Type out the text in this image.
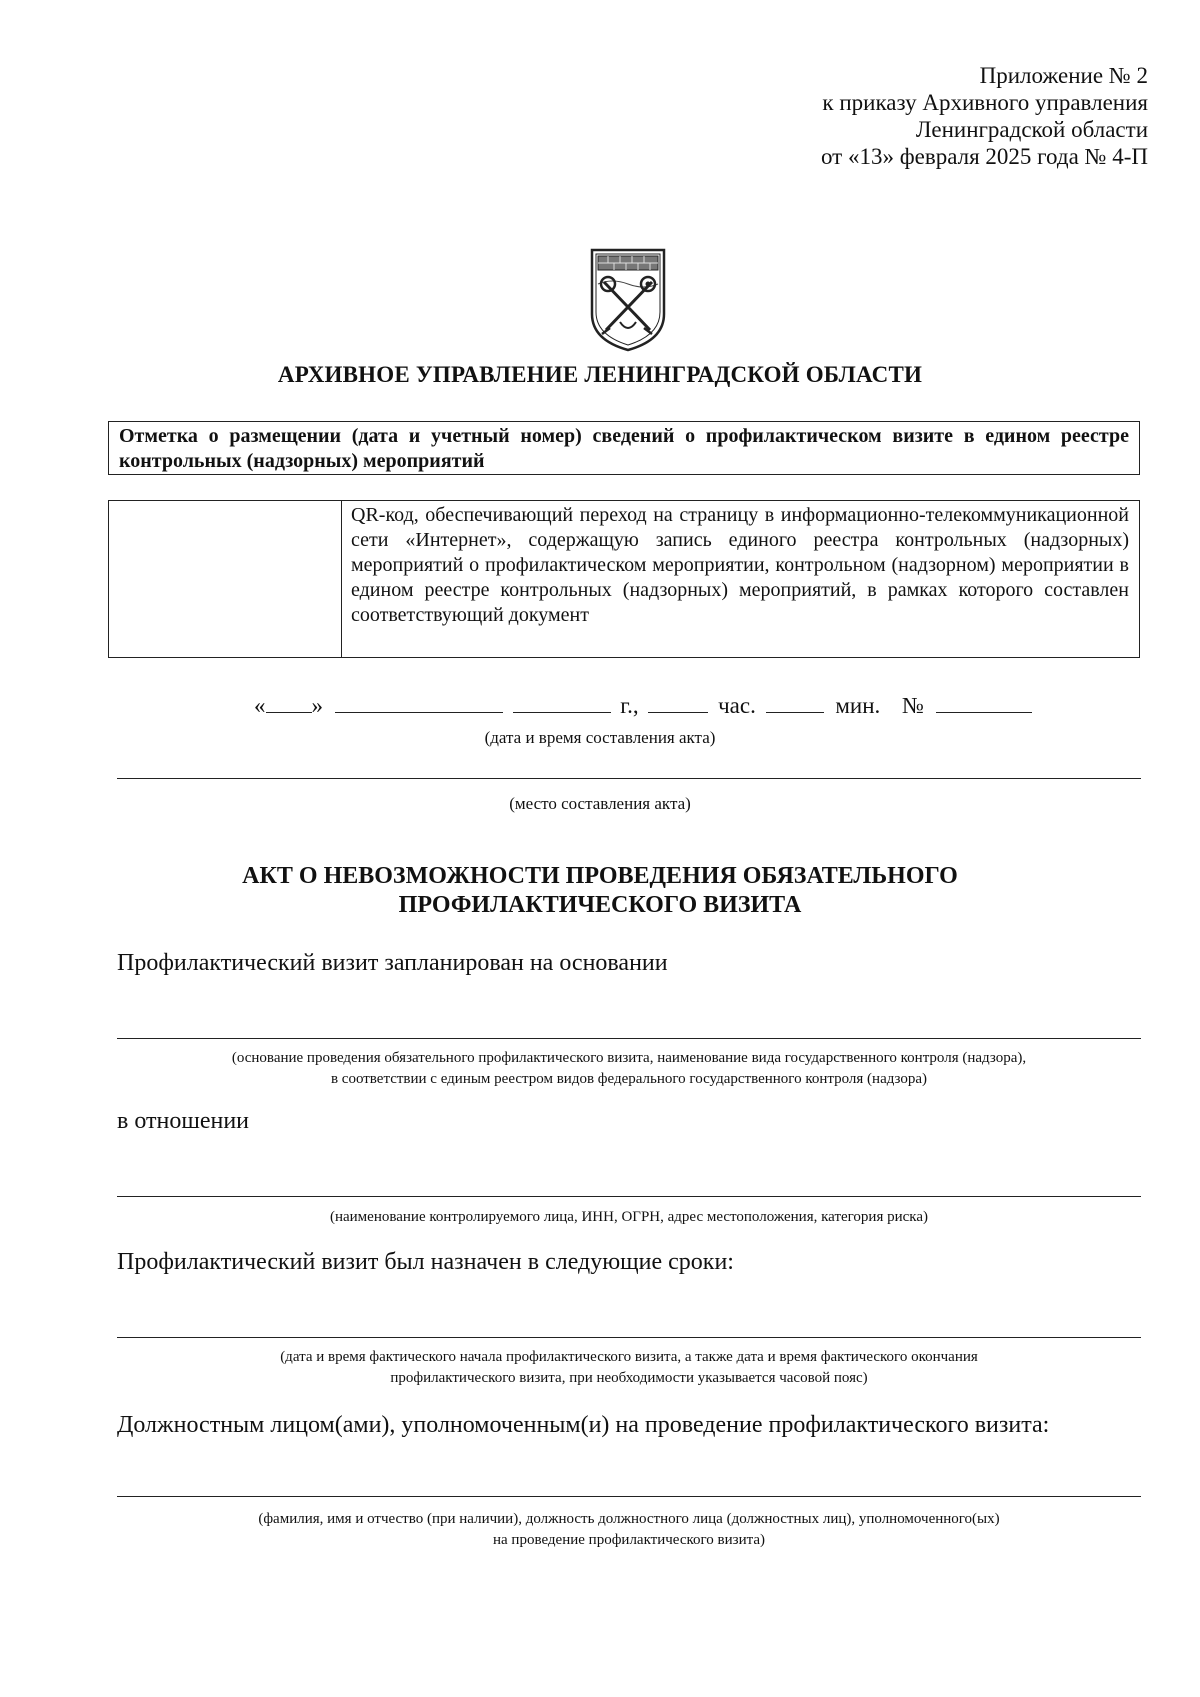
Приложение № 2
к приказу Архивного управления
Ленинградской области
от «13» февраля 2025 года № 4-П
АРХИВНОЕ УПРАВЛЕНИЕ ЛЕНИНГРАДСКОЙ ОБЛАСТИ
Отметка о размещении (дата и учетный номер) сведений о профилактическом визите в едином реестре контрольных (надзорных) мероприятий
QR-код, обеспечивающий переход на страницу в информационно-телекоммуникационной сети «Интернет», содержащую запись единого реестра контрольных (надзорных) мероприятий о профилактическом мероприятии, контрольном (надзорном) мероприятии в едином реестре контрольных (надзорных) мероприятий, в рамках которого составлен соответствующий документ
« »	г.,	час.	мин. №
(дата и время составления акта)
(место составления акта)
АКТ О НЕВОЗМОЖНОСТИ ПРОВЕДЕНИЯ ОБЯЗАТЕЛЬНОГО
ПРОФИЛАКТИЧЕСКОГО ВИЗИТА
Профилактический визит запланирован на основании
(основание проведения обязательного профилактического визита, наименование вида государственного контроля (надзора),
в соответствии с единым реестром видов федерального государственного контроля (надзора)
в отношении
(наименование контролируемого лица, ИНН, ОГРН, адрес местоположения, категория риска)
Профилактический визит был назначен в следующие сроки:
(дата и время фактического начала профилактического визита, а также дата и время фактического окончания
профилактического визита, при необходимости указывается часовой пояс)
Должностным лицом(ами), уполномоченным(и) на проведение профилактического визита:
(фамилия, имя и отчество (при наличии), должность должностного лица (должностных лиц), уполномоченного(ых)
на проведение профилактического визита)
